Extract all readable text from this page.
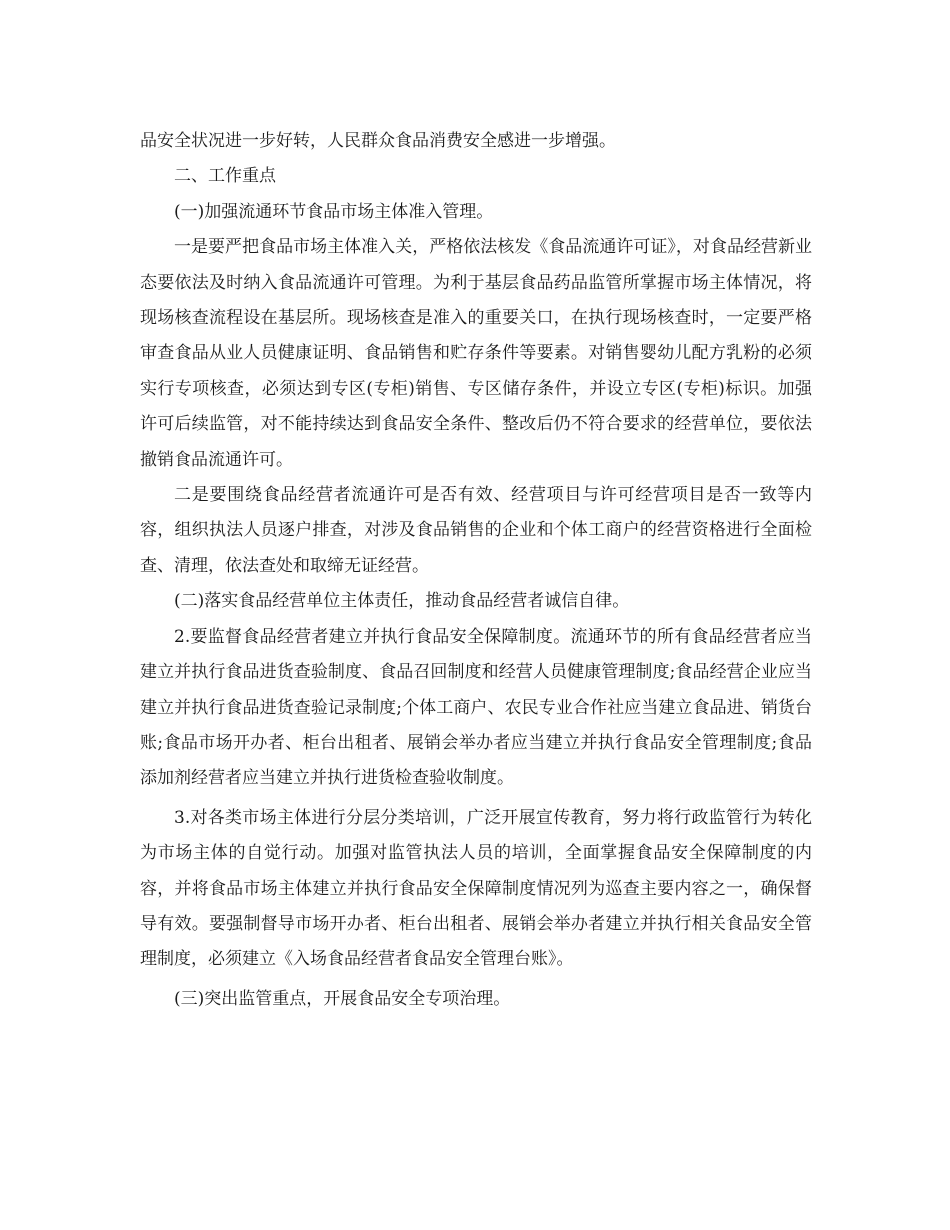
品安全状况进一步好转，人民群众食品消费安全感进一步增强。

二、工作重点

(一)加强流通环节食品市场主体准入管理。

一是要严把食品市场主体准入关，严格依法核发《食品流通许可证》，对食品经营新业态要依法及时纳入食品流通许可管理。为利于基层食品药品监管所掌握市场主体情况，将现场核查流程设在基层所。现场核查是准入的重要关口，在执行现场核查时，一定要严格审查食品从业人员健康证明、食品销售和贮存条件等要素。对销售婴幼儿配方乳粉的必须实行专项核查，必须达到专区(专柜)销售、专区储存条件，并设立专区(专柜)标识。加强许可后续监管，对不能持续达到食品安全条件、整改后仍不符合要求的经营单位，要依法撤销食品流通许可。

二是要围绕食品经营者流通许可是否有效、经营项目与许可经营项目是否一致等内容，组织执法人员逐户排查，对涉及食品销售的企业和个体工商户的经营资格进行全面检查、清理，依法查处和取缔无证经营。

(二)落实食品经营单位主体责任，推动食品经营者诚信自律。

2.要监督食品经营者建立并执行食品安全保障制度。流通环节的所有食品经营者应当建立并执行食品进货查验制度、食品召回制度和经营人员健康管理制度;食品经营企业应当建立并执行食品进货查验记录制度;个体工商户、农民专业合作社应当建立食品进、销货台账;食品市场开办者、柜台出租者、展销会举办者应当建立并执行食品安全管理制度;食品添加剂经营者应当建立并执行进货检查验收制度。

3.对各类市场主体进行分层分类培训，广泛开展宣传教育，努力将行政监管行为转化为市场主体的自觉行动。加强对监管执法人员的培训，全面掌握食品安全保障制度的内容，并将食品市场主体建立并执行食品安全保障制度情况列为巡查主要内容之一，确保督导有效。要强制督导市场开办者、柜台出租者、展销会举办者建立并执行相关食品安全管理制度，必须建立《入场食品经营者食品安全管理台账》。

(三)突出监管重点，开展食品安全专项治理。
